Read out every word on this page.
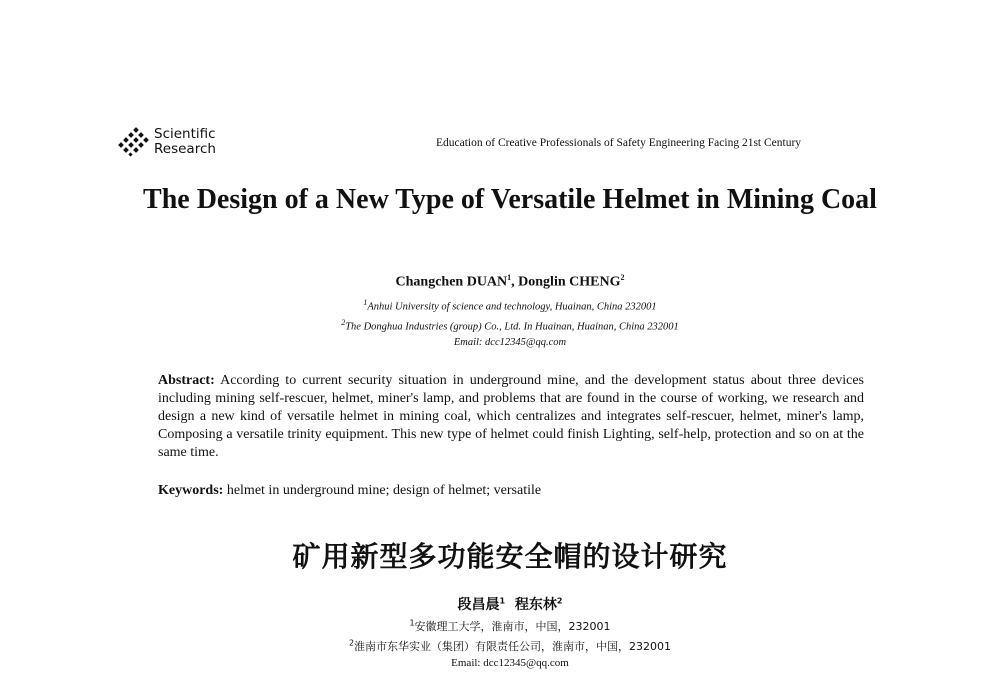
Scientific
Research	Education of Creative Professionals of Safety Engineering Facing 21st Century
The Design of a New Type of Versatile Helmet in Mining Coal
Changchen DUAN$^1$, Donglin CHENG$^2$
$^1$Anhui University of science and technology, Huainan, China 232001
$^2$The Donghua Industries (group) Co., Ltd. In Huainan, Huainan, China 232001
Email: dcc12345@qq.com
Abstract: According to current security situation in underground mine, and the development status about three devices including mining self-rescuer, helmet, miner's lamp, and problems that are found in the course of working, we research and design a new kind of versatile helmet in mining coal, which centralizes and integrates self-rescuer, helmet, miner's lamp, Composing a versatile trinity equipment. This new type of helmet could finish Lighting, self-help, protection and so on at the same time.
Keywords: helmet in underground mine; design of helmet; versatile
矿用新型多功能安全帽的设计研究
段昌晨$^1$ 程东林$^2$
$^1$安徽理工大学，淮南市，中国，232001
$^2$淮南市东华实业（集团）有限责任公司，淮南市，中国，232001
Email: dcc12345@qq.com
